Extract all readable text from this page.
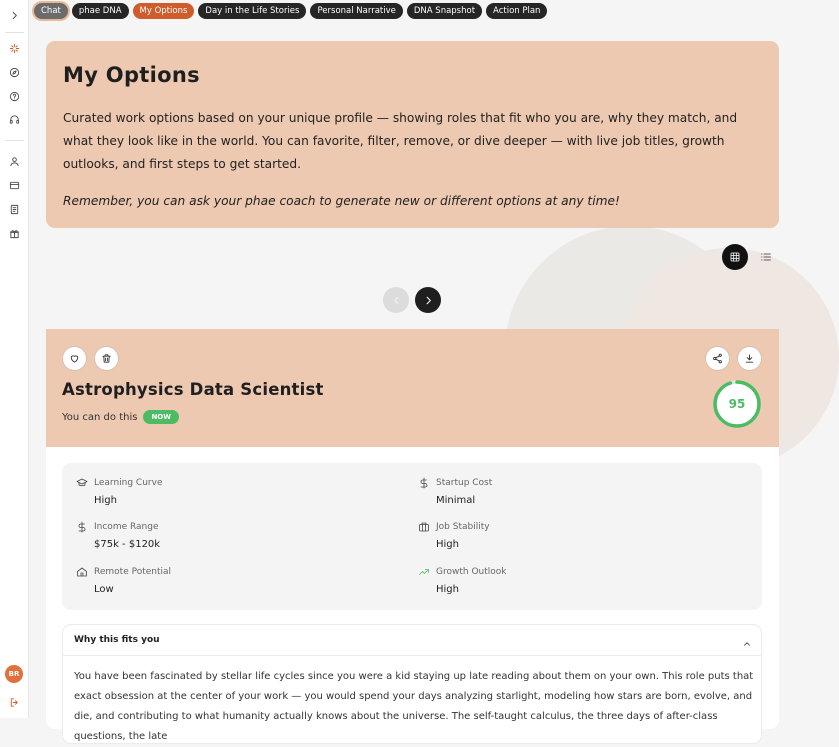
BR
Chat	phae DNA	My Options	Day in the Life Stories	Personal Narrative	DNA Snapshot	Action Plan
My Options

Curated work options based on your unique profile — showing roles that fit who you are, why they match, and what they look like in the world. You can favorite, filter, remove, or dive deeper — with live job titles, growth outlooks, and first steps to get started.

Remember, you can ask your phae coach to generate new or different options at any time!

Astrophysics Data Scientist
You can do this	NOW
95
Learning Curve
High
Startup Cost
Minimal
Income Range
$75k - $120k
Job Stability
High
Remote Potential
Low
Growth Outlook
High
Why this fits you
You have been fascinated by stellar life cycles since you were a kid staying up late reading about them on your own. This role puts that exact obsession at the center of your work — you would spend your days analyzing starlight, modeling how stars are born, evolve, and die, and contributing to what humanity actually knows about the universe. The self-taught calculus, the three days of after-class questions, the late
